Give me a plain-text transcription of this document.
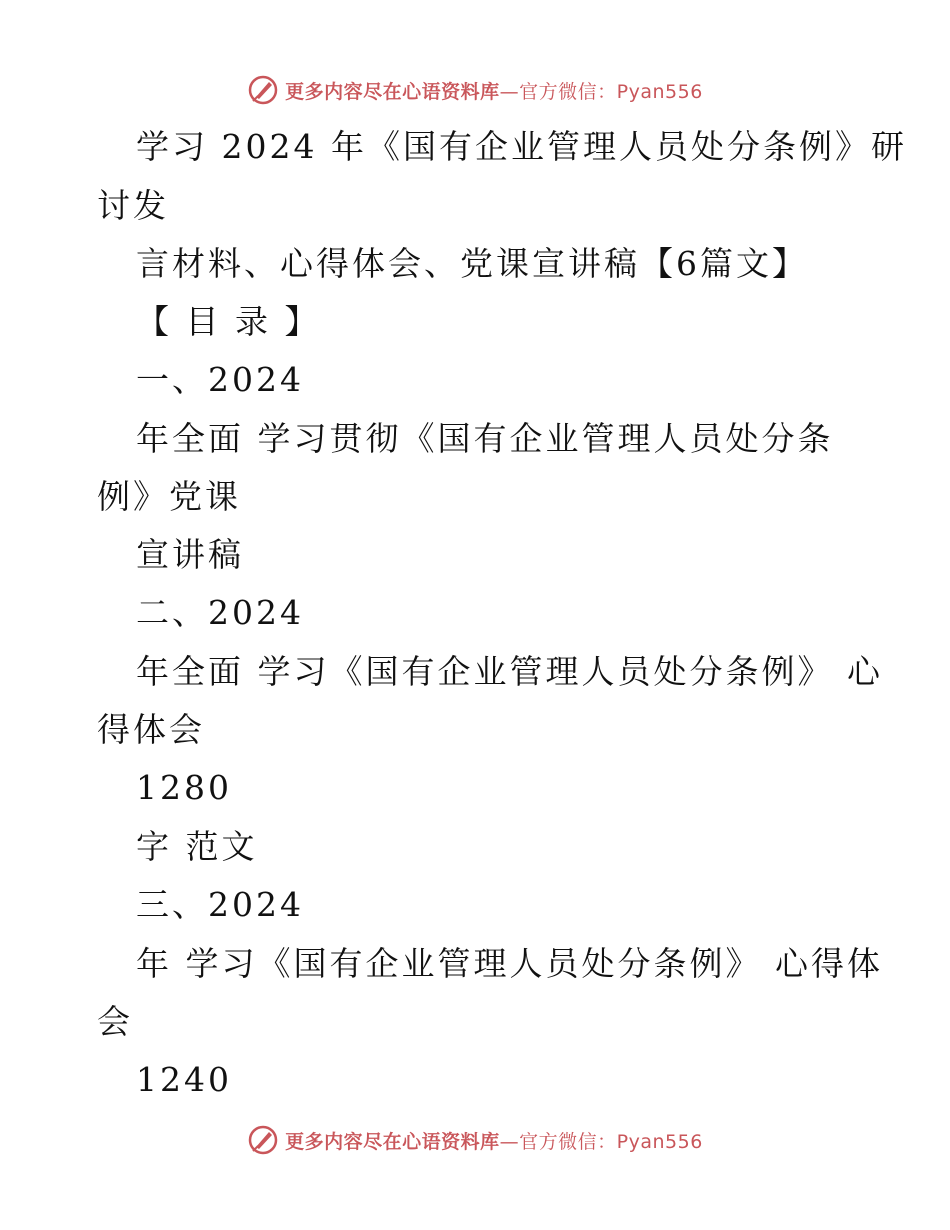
更多内容尽在心语资料库—官方微信：Pyan556
学习 2024 年《国有企业管理人员处分条例》研
讨发
言材料、心得体会、党课宣讲稿【6篇文】
【 目 录 】
一、2024
年全面 学习贯彻《国有企业管理人员处分条
例》党课
宣讲稿
二、2024
年全面 学习《国有企业管理人员处分条例》 心
得体会
1280
字 范文
三、2024
年 学习《国有企业管理人员处分条例》 心得体
会
1240
更多内容尽在心语资料库—官方微信：Pyan556
